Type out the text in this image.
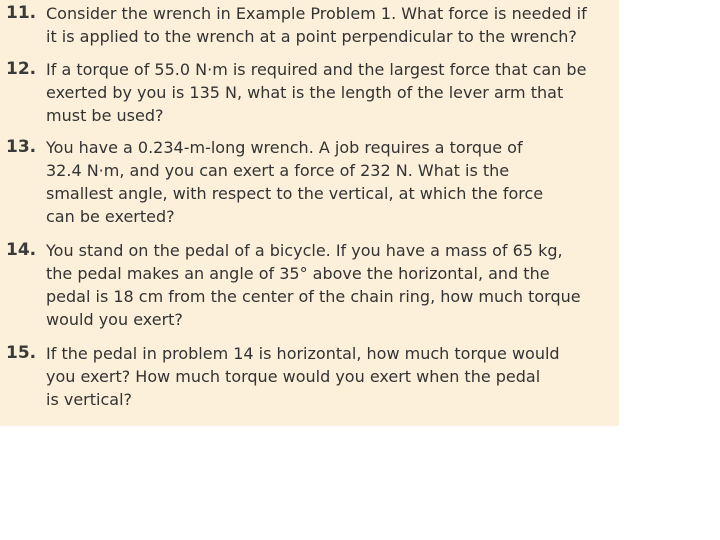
11. Consider the wrench in Example Problem 1. What force is needed if
it is applied to the wrench at a point perpendicular to the wrench?
12. If a torque of 55.0 N·m is required and the largest force that can be
exerted by you is 135 N, what is the length of the lever arm that
must be used?
13. You have a 0.234-m-long wrench. A job requires a torque of
32.4 N·m, and you can exert a force of 232 N. What is the
smallest angle, with respect to the vertical, at which the force
can be exerted?
14. You stand on the pedal of a bicycle. If you have a mass of 65 kg,
the pedal makes an angle of 35° above the horizontal, and the
pedal is 18 cm from the center of the chain ring, how much torque
would you exert?
15. If the pedal in problem 14 is horizontal, how much torque would
you exert? How much torque would you exert when the pedal
is vertical?
